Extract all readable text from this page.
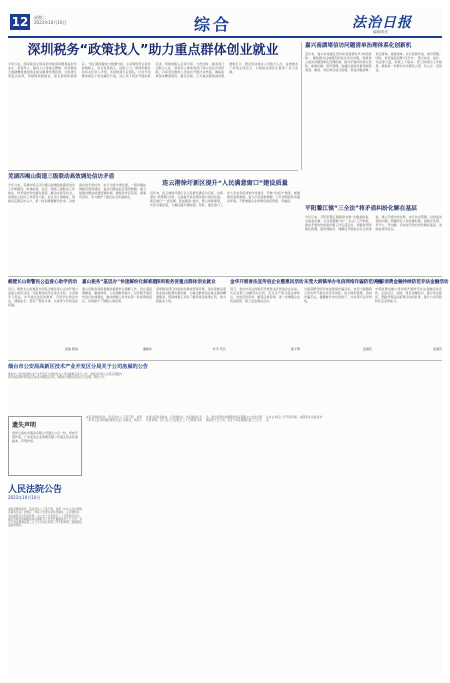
12	星期二
2023年10月10日	综合	法治日报
编辑/张宏
深圳税务“政策找人”助力重点群体创业就业
今年以来，国家税务总局深圳市税务局聚焦高校毕业生、退役军人、脱贫人口等重点群体，依托税收大数据精准推送创业就业税费优惠政策，让政策红利直达快享，持续释放稳就业、促发展的积极效应。“我们通过税收大数据分析，主动筛选符合条件的纳税人，实行政策找人、送政上门。”深圳市税务局有关负责人介绍，该局组建专业团队，针对不同群体制定个性化辅导方案，线上线下同步开展政策宣讲，帮助纳税人应享尽享。与此同时，税务部门还联合人社、退役军人事务等部门建立信息共享机制，对享受优惠的人员信息开展比对核验，确保政策落实精准规范。截至目前，已为重点群体减免税费数亿元，惠及创业就业人员数万人次，有效激发了市场主体活力，为稳就业保民生提供了有力支撑。
嘉兴南湖堵信访问题清单治理体系化创新机
近年来，嘉兴市南湖区坚持和发展新时代“枫桥经验”，聚焦群众反映强烈的信访突出问题，创新建立信访问题清单化治理机制，推动矛盾纠纷源头预防、前端化解、闭环管理。南湖区将信访事项按照类别、属地、责任单位进行梳理，形成问题清单、责任清单、措施清单，实行挂图作战、销号管理。同时，依托基层治理“四平台”，整合综治、信访、司法等力量，构建上下联动、部门协同的工作格局，确保每一件群众诉求都有人管、有人办、有回音。
芜湖四褐山街道三级联动高效调处信访矛盾
今年以来，芜湖市鸠江区四褐山街道积极探索信访工作新路径，构建街道、社区、网格三级联动工作体系，把矛盾纠纷化解在基层、解决在萌芽状态。街道成立信访工作领导小组，社区设立调解室，网格员定期走访入户，第一时间掌握群众诉求。对排查出的矛盾纠纷，实行分级分类处置，一般问题由网格员现场调处，复杂问题由社区组织调解，重大疑难问题由街道统筹协调，确保件件有着落、事事有回音，有力维护了辖区社会和谐稳定。
连云港徐圩新区提升“人民满意窗口”建设质量
近年来，连云港徐圩新区以人民群众满意为目标，持续深化“放管服”改革，全面提升政务服务窗口建设质量。新区推行“一窗受理、集成服务”模式，整合审批事项，优化办事流程，大幅压缩办理时限。同时，强化窗口工作人员业务培训和作风建设，开展“好差评”制度，畅通群众监督渠道，着力打造高效便捷、公开透明的政务服务环境，不断增强企业和群众的获得感、幸福感。
平阳鳌江镇“三全法”将矛盾纠纷化解在基层
今年以来，平阳县鳌江镇探索实施“全覆盖排查、全链条化解、全过程跟踪”的“三全法”工作机制，推动矛盾纠纷排查化解工作走深走实。该镇依托网格化管理，组织网格员、调解员开展常态化走访排查，建立矛盾纠纷台账，实行动态管理，对排查发现的问题，明确责任人和化解时限，做到早发现、早介入、早化解，切实把矛盾纠纷化解在基层、消除在萌芽状态。
鹤壁长山街警民公益爱心助学活动
近日，鹤壁长山街道派出所联合辖区爱心企业开展公益爱心助学活动，为困难家庭学生送去书包、文具等学习用品，并开展法治宣传教育，引导学生知法守法、健康成长，营造了警民共建、关爱青少年的良好氛围。
张俊 陈锐
嘉山税务“基层办”快速解纷化解难题
嘉山县税务局积极推进税费争议调解工作，设立基层调解室，邀请律师、人民调解员参与，对涉税矛盾纠纷进行快速调处，推动纳税人诉求在第一时间得到回应，有效提升了纳税人满意度。
董晓华
深圳税务促重点群体创业就业
深圳税务部门持续优化税收营商环境，落实落细各项创业就业税费优惠政策，为重点群体创业就业提供精准服务，帮助纳税人及时了解和享受政策红利，助力稳就业大局。
叶宇 代长
金华开展普法宣传进企业暨惠民活动
近日，金华市司法局组织开展普法宣传进企业活动，为企业职工讲解劳动合同、安全生产等方面法律知识，发放宣传资料，解答法律咨询，进一步增强企业依法经营、职工依法维权意识。
徐子勇
东莞大朗镇举办电信网络诈骗防范讲座
为提高群众防范电信网络诈骗意识，东莞大朗镇联合派出所开展反诈宣传讲座，结合典型案例，剖析诈骗手法，提醒群众守好钱袋子，切实筑牢反诈防线。
张国庆
中部消费金融持续防范非法金融活动
中部消费金融公司持续开展防范非法金融活动宣传，走进社区、校园，普及金融知识，揭示非法集资、套路贷等违法犯罪活动的危害，提升公众风险防范意识和能力。
张国庆
烟台市公安局高新区技术产业开发区分局关于公司房屋的公告
烟台市公安局高新技术产业开发区分局就有关公司房屋事宜进行公告，请相关权利人在规定期限内持有效证明材料到指定地点办理相关手续，逾期未办理的将依法予以处理。特此公告。
遗失声明
贵州云鼎技术服务有限公司遗失公章一枚，特此声明作废。广东某某企业管理有限公司遗失营业执照副本，声明作废。
人民法院公告
2023年10月10日
本院受理的案件，因受送达人下落不明，依照《中华人民共和国民事诉讼法》的规定，向其公告送达起诉状副本、应诉通知书、举证通知书及开庭传票。自公告之日起经过三十日即视为送达。提出答辩状的期限和举证期限为公告送达期满后的十五日内，并定于举证期满后第三日上午九时在本院公开开庭审理，逾期将依法缺席判决。
本院受理的案件，因受送达人下落不明，依照《中华人民共和国民事诉讼法》的规定，向其公告送达起诉状副本、应诉通知书、举证通知书及开庭传票。自公告之日起经过三十日即视为送达。提出答辩状的期限和举证期限为公告送达期满后的十五日内，并定于举证期满后第三日上午九时在本院公开开庭审理，逾期将依法缺席判决。
